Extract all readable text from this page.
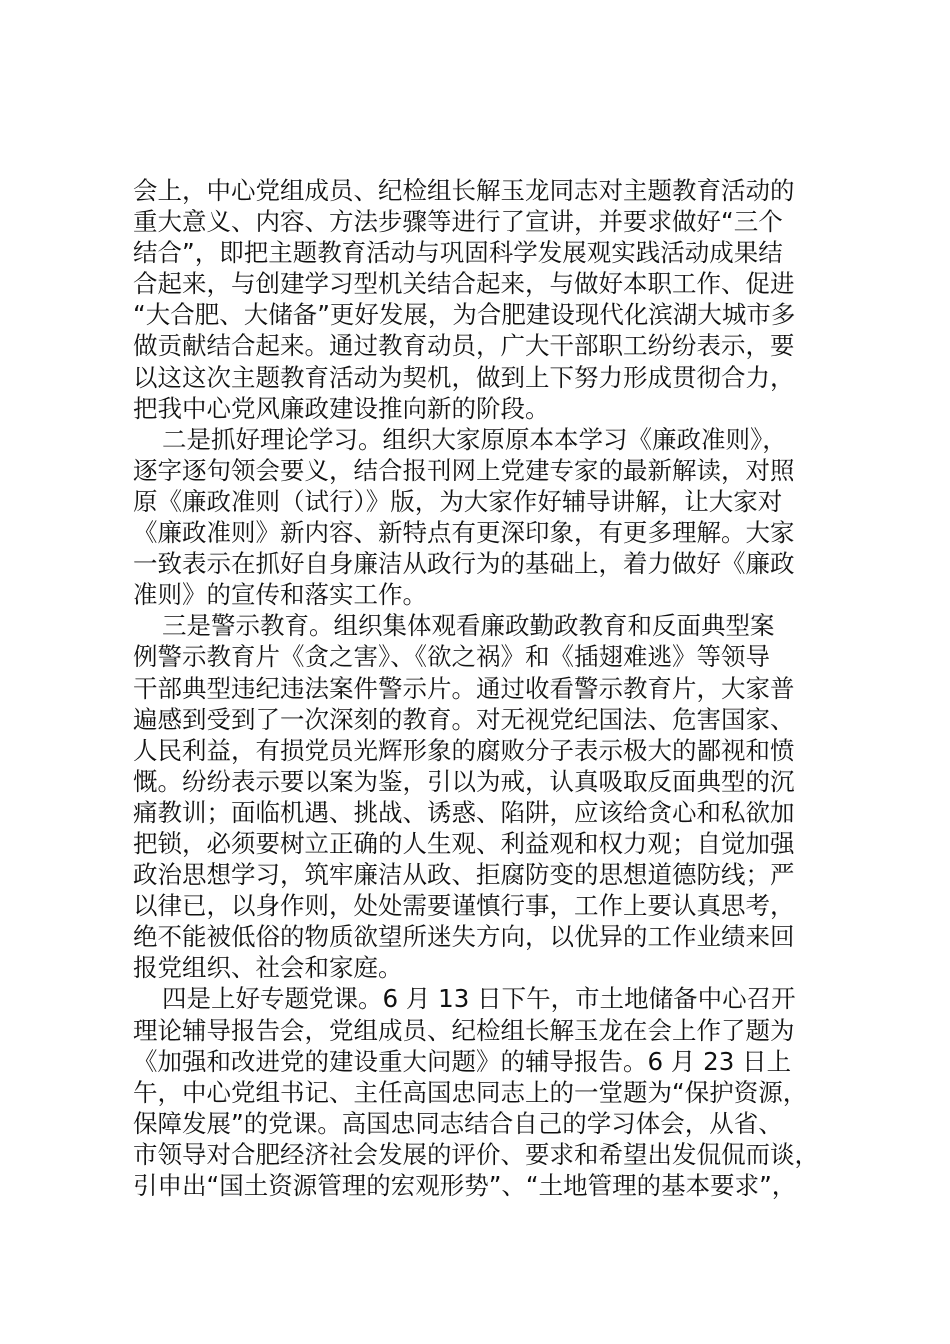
会上，中心党组成员、纪检组长解玉龙同志对主题教育活动的
重大意义、内容、方法步骤等进行了宣讲，并要求做好“三个
结合”，即把主题教育活动与巩固科学发展观实践活动成果结
合起来，与创建学习型机关结合起来，与做好本职工作、促进
“大合肥、大储备”更好发展，为合肥建设现代化滨湖大城市多
做贡献结合起来。通过教育动员，广大干部职工纷纷表示，要
以这这次主题教育活动为契机，做到上下努力形成贯彻合力，
把我中心党风廉政建设推向新的阶段。
二是抓好理论学习。组织大家原原本本学习《廉政准则》，
逐字逐句领会要义，结合报刊网上党建专家的最新解读，对照
原《廉政准则（试行）》版，为大家作好辅导讲解，让大家对
《廉政准则》新内容、新特点有更深印象，有更多理解。大家
一致表示在抓好自身廉洁从政行为的基础上，着力做好《廉政
准则》的宣传和落实工作。
三是警示教育。组织集体观看廉政勤政教育和反面典型案
例警示教育片《贪之害》、《欲之祸》和《插翅难逃》等领导
干部典型违纪违法案件警示片。通过收看警示教育片，大家普
遍感到受到了一次深刻的教育。对无视党纪国法、危害国家、
人民利益，有损党员光辉形象的腐败分子表示极大的鄙视和愤
慨。纷纷表示要以案为鉴，引以为戒，认真吸取反面典型的沉
痛教训；面临机遇、挑战、诱惑、陷阱，应该给贪心和私欲加
把锁，必须要树立正确的人生观、利益观和权力观；自觉加强
政治思想学习，筑牢廉洁从政、拒腐防变的思想道德防线；严
以律已，以身作则，处处需要谨慎行事，工作上要认真思考，
绝不能被低俗的物质欲望所迷失方向，以优异的工作业绩来回
报党组织、社会和家庭。
四是上好专题党课。6 月 13 日下午，市土地储备中心召开
理论辅导报告会，党组成员、纪检组长解玉龙在会上作了题为
《加强和改进党的建设重大问题》的辅导报告。6 月 23 日上
午，中心党组书记、主任高国忠同志上的一堂题为“保护资源，
保障发展”的党课。高国忠同志结合自己的学习体会，从省、
市领导对合肥经济社会发展的评价、要求和希望出发侃侃而谈，
引申出“国土资源管理的宏观形势”、“土地管理的基本要求”，
